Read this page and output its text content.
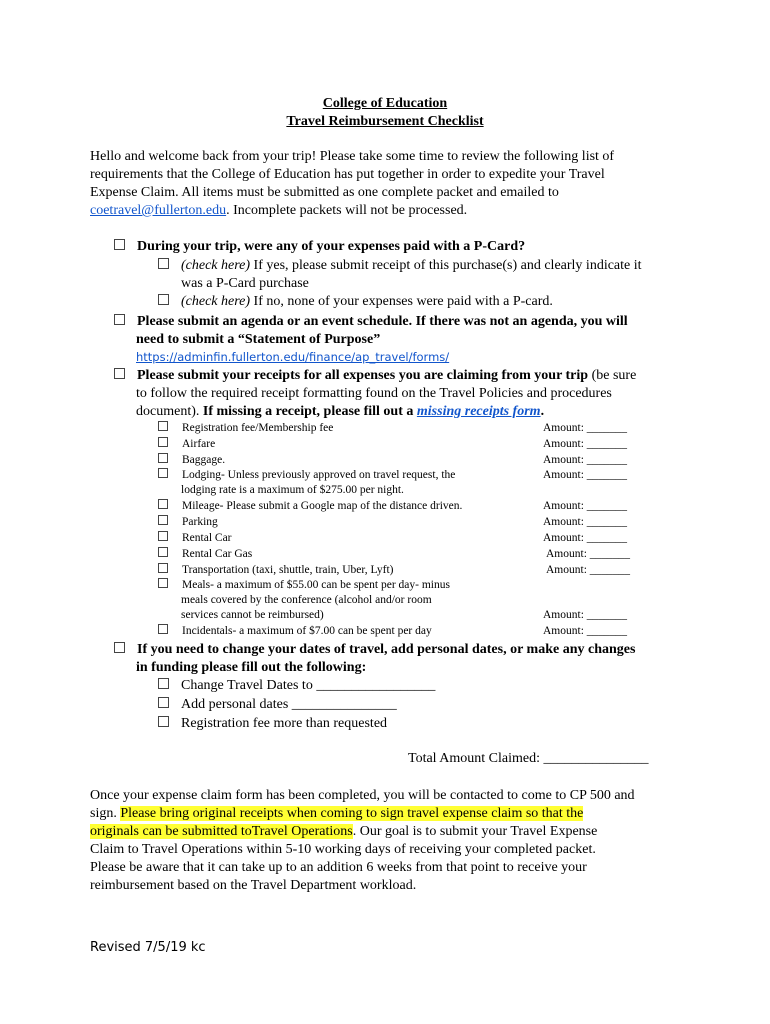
College of Education
Travel Reimbursement Checklist
Hello and welcome back from your trip! Please take some time to review the following list of
requirements that the College of Education has put together in order to expedite your Travel
Expense Claim. All items must be submitted as one complete packet and emailed to
coetravel@fullerton.edu. Incomplete packets will not be processed.
During your trip, were any of your expenses paid with a P-Card?
(check here) If yes, please submit receipt of this purchase(s) and clearly indicate it
was a P-Card purchase
(check here) If no, none of your expenses were paid with a P-card.
Please submit an agenda or an event schedule. If there was not an agenda, you will
need to submit a “Statement of Purpose”
https://adminfin.fullerton.edu/finance/ap_travel/forms/
Please submit your receipts for all expenses you are claiming from your trip (be sure
to follow the required receipt formatting found on the Travel Policies and procedures
document). If missing a receipt, please fill out a missing receipts form.
Registration fee/Membership fee	Amount: _______
Airfare	Amount: _______
Baggage.	Amount: _______
Lodging- Unless previously approved on travel request, the
lodging rate is a maximum of $275.00 per night.
Amount: _______
Mileage- Please submit a Google map of the distance driven.	Amount: _______
Parking	Amount: _______
Rental Car	Amount: _______
Rental Car Gas	Amount: _______
Transportation (taxi, shuttle, train, Uber, Lyft)	Amount: _______
Meals- a maximum of $55.00 can be spent per day- minus
meals covered by the conference (alcohol and/or room
services cannot be reimbursed)	Amount: _______
Incidentals- a maximum of $7.00 can be spent per day	Amount: _______
If you need to change your dates of travel, add personal dates, or make any changes
in funding please fill out the following:
Change Travel Dates to _________________
Add personal dates _______________
Registration fee more than requested
Total Amount Claimed: _______________
Once your expense claim form has been completed, you will be contacted to come to CP 500 and
sign. Please bring original receipts when coming to sign travel expense claim so that the
originals can be submitted toTravel Operations. Our goal is to submit your Travel Expense
Claim to Travel Operations within 5-10 working days of receiving your completed packet.
Please be aware that it can take up to an addition 6 weeks from that point to receive your
reimbursement based on the Travel Department workload.
Revised 7/5/19 kc
